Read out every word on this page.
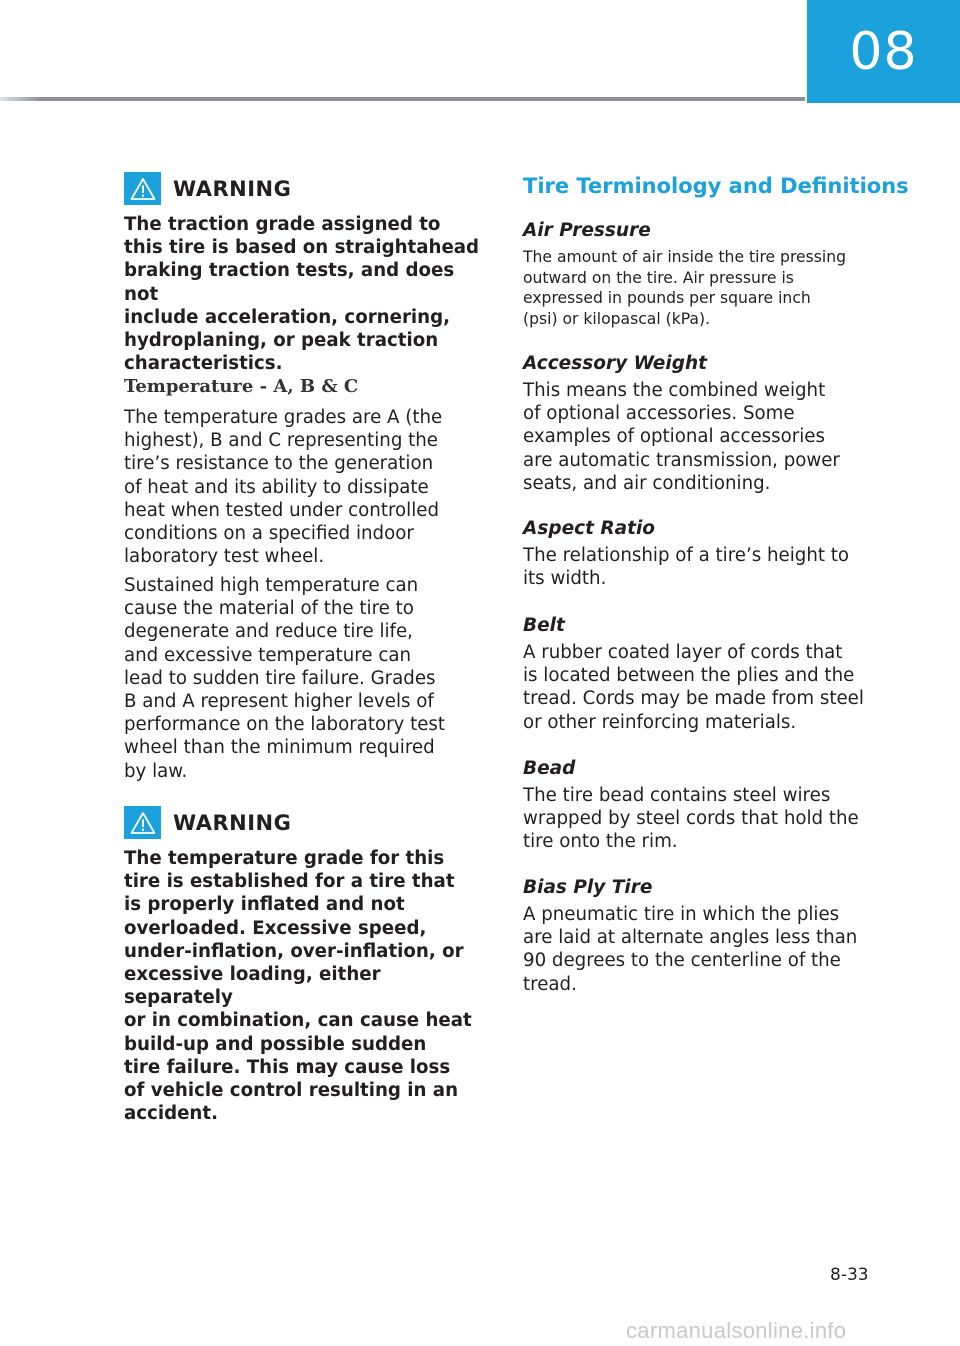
08
WARNING
The traction grade assigned to
this tire is based on straightahead
braking traction tests, and does not
include acceleration, cornering,
hydroplaning, or peak traction
characteristics.
Temperature - A, B & C
The temperature grades are A (the
highest), B and C representing the
tire’s resistance to the generation
of heat and its ability to dissipate
heat when tested under controlled
conditions on a specified indoor
laboratory test wheel.
Sustained high temperature can
cause the material of the tire to
degenerate and reduce tire life,
and excessive temperature can
lead to sudden tire failure. Grades
B and A represent higher levels of
performance on the laboratory test
wheel than the minimum required
by law.
WARNING
The temperature grade for this
tire is established for a tire that
is properly inflated and not
overloaded. Excessive speed,
under-inflation, over-inflation, or
excessive loading, either separately
or in combination, can cause heat
build-up and possible sudden
tire failure. This may cause loss
of vehicle control resulting in an
accident.
Tire Terminology and Definitions
Air Pressure
The amount of air inside the tire pressing
outward on the tire. Air pressure is
expressed in pounds per square inch
(psi) or kilopascal (kPa).
Accessory Weight
This means the combined weight
of optional accessories. Some
examples of optional accessories
are automatic transmission, power
seats, and air conditioning.
Aspect Ratio
The relationship of a tire’s height to
its width.
Belt
A rubber coated layer of cords that
is located between the plies and the
tread. Cords may be made from steel
or other reinforcing materials.
Bead
The tire bead contains steel wires
wrapped by steel cords that hold the
tire onto the rim.
Bias Ply Tire
A pneumatic tire in which the plies
are laid at alternate angles less than
90 degrees to the centerline of the
tread.
8-33
carmanualsonline.info
